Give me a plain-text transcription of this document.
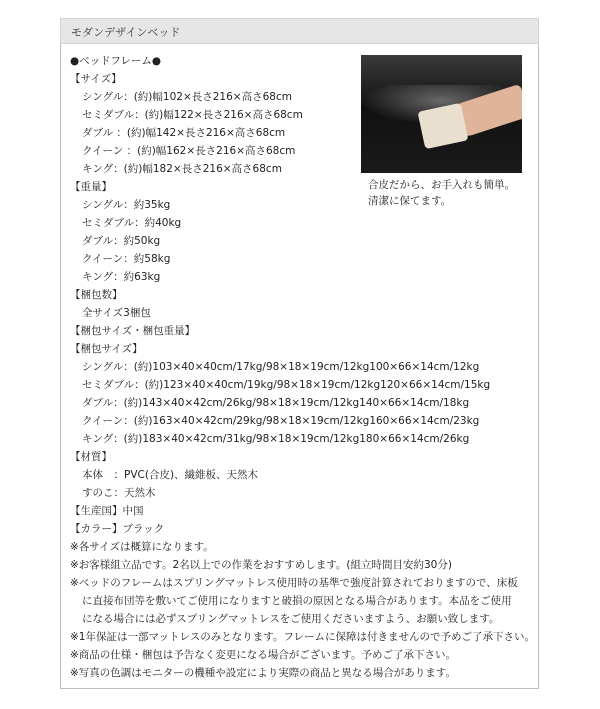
モダンデザインベッド
合皮だから、お手入れも簡単。
清潔に保てます。
●ベッドフレーム●
【サイズ】
シングル：(約)幅102×長さ216×高さ68cm
セミダブル：(約)幅122×長さ216×高さ68cm
ダブル ：(約)幅142×長さ216×高さ68cm
クイーン ：(約)幅162×長さ216×高さ68cm
キング：(約)幅182×長さ216×高さ68cm
【重量】
シングル：約35kg
セミダブル：約40kg
ダブル：約50kg
クイーン：約58kg
キング：約63kg
【梱包数】
全サイズ3梱包
【梱包サイズ・梱包重量】
【梱包サイズ】
シングル：(約)103×40×40cm/17kg/98×18×19cm/12kg100×66×14cm/12kg
セミダブル：(約)123×40×40cm/19kg/98×18×19cm/12kg120×66×14cm/15kg
ダブル：(約)143×40×42cm/26kg/98×18×19cm/12kg140×66×14cm/18kg
クイーン：(約)163×40×42cm/29kg/98×18×19cm/12kg160×66×14cm/23kg
キング：(約)183×40×42cm/31kg/98×18×19cm/12kg180×66×14cm/26kg
【材質】
本体　：PVC(合皮)、繊維板、天然木
すのこ：天然木
【生産国】中国
【カラー】ブラック
※各サイズは概算になります。
※お客様組立品です。2名以上での作業をおすすめします。(組立時間目安約30分)
※ベッドのフレームはスプリングマットレス使用時の基準で強度計算されておりますので、床板
に直接布団等を敷いてご使用になりますと破損の原因となる場合があります。本品をご使用
になる場合には必ずスプリングマットレスをご使用くださいますよう、お願い致します。
※1年保証は一部マットレスのみとなります。フレームに保障は付きませんので予めご了承下さい。
※商品の仕様・梱包は予告なく変更になる場合がございます。予めご了承下さい。
※写真の色調はモニターの機種や設定により実際の商品と異なる場合があります。
